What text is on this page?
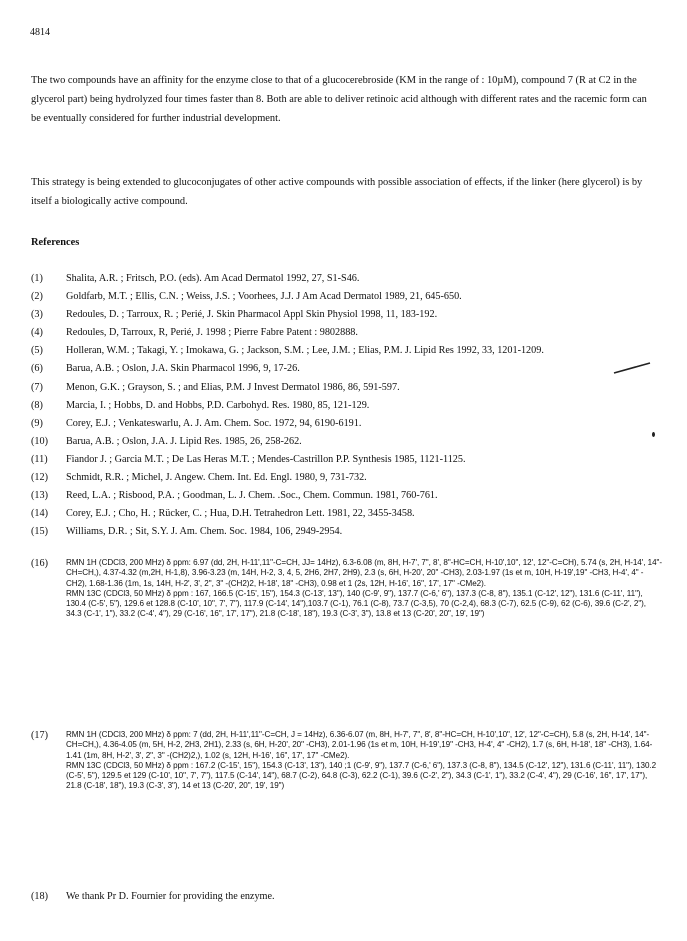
4814
The two compounds have an affinity for the enzyme close to that of a glucocerebroside (KM in the range of : 10µM), compound 7 (R at C2 in the glycerol part) being hydrolyzed four times faster than 8. Both are able to deliver retinoic acid although with different rates and the racemic form can be eventually considered for further industrial development.
This strategy is being extended to glucoconjugates of other active compounds with possible association of effects, if the linker (here glycerol) is by itself a biologically active compound.
References
(1)	Shalita, A.R. ; Fritsch, P.O. (eds). Am Acad Dermatol 1992, 27, S1-S46.
(2)	Goldfarb, M.T. ; Ellis, C.N. ; Weiss, J.S. ; Voorhees, J.J. J Am Acad Dermatol 1989, 21, 645-650.
(3)	Redoules, D. ; Tarroux, R. ; Perié, J. Skin Pharmacol Appl Skin Physiol 1998, 11, 183-192.
(4)	Redoules, D, Tarroux, R, Perié, J. 1998 ; Pierre Fabre Patent : 9802888.
(5)	Holleran, W.M. ; Takagi, Y. ; Imokawa, G. ; Jackson, S.M. ; Lee, J.M. ; Elias, P.M. J. Lipid Res 1992, 33, 1201-1209.
(6)	Barua, A.B. ; Oslon, J.A. Skin Pharmacol 1996, 9, 17-26.
(7)	Menon, G.K. ; Grayson, S. ; and Elias, P.M. J Invest Dermatol 1986, 86, 591-597.
(8)	Marcia, I. ; Hobbs, D. and Hobbs, P.D. Carbohyd. Res. 1980, 85, 121-129.
(9)	Corey, E.J. ; Venkateswarlu, A. J. Am. Chem. Soc. 1972, 94, 6190-6191.
(10)	Barua, A.B. ; Oslon, J.A. J. Lipid Res. 1985, 26, 258-262.
(11)	Fiandor J. ; Garcia M.T. ; De Las Heras M.T. ; Mendes-Castrillon P.P. Synthesis 1985, 1121-1125.
(12)	Schmidt, R.R. ; Michel, J. Angew. Chem. Int. Ed. Engl. 1980, 9, 731-732.
(13)	Reed, L.A. ; Risbood, P.A. ; Goodman, L. J. Chem. .Soc., Chem. Commun. 1981, 760-761.
(14)	Corey, E.J. ; Cho, H. ; Rücker, C. ; Hua, D.H. Tetrahedron Lett. 1981, 22, 3455-3458.
(15)	Williams, D.R. ; Sit, S.Y. J. Am. Chem. Soc. 1984, 106, 2949-2954.
(16)	RMN 1H (CDCl3, 200 MHz) δ ppm: 6.97 (dd, 2H, H-11',11"-C=CH, JJ= 14Hz), 6.3-6.08 (m, 8H, H-7', 7", 8', 8"-HC=CH, H-10',10", 12', 12"-C=CH), 5.74 (s, 2H, H-14', 14"-CH=CH,), 4.37-4.32 (m,2H, H-1,8), 3.96-3.23 (m, 14H, H-2, 3, 4, 5, 2H6, 2H7, 2H9), 2.3 (s, 6H, H-20', 20" -CH3), 2.03-1.97 (1s et m, 10H, H-19',19" -CH3, H-4', 4" -CH2), 1.68-1.36 (1m, 1s, 14H, H-2', 3', 2", 3" -(CH2)2, H-18', 18" -CH3), 0.98 et 1 (2s, 12H, H-16', 16", 17', 17" -CMe2).

RMN 13C (CDCl3, 50 MHz) δ ppm : 167, 166.5 (C-15', 15"), 154.3 (C-13', 13"), 140 (C-9', 9"), 137.7 (C-6,' 6"), 137.3 (C-8, 8"), 135.1 (C-12', 12"), 131.6 (C-11', 11"), 130.4 (C-5', 5"), 129.6 et 128.8 (C-10', 10", 7', 7"), 117.9 (C-14', 14"),103.7 (C-1), 76.1 (C-8), 73.7 (C-3,5), 70 (C-2,4), 68.3 (C-7), 62.5 (C-9), 62 (C-6), 39.6 (C-2', 2"), 34.3 (C-1', 1"), 33.2 (C-4', 4"), 29 (C-16', 16", 17', 17"), 21.8 (C-18', 18"), 19.3 (C-3', 3"), 13.8 et 13 (C-20', 20", 19', 19")

(17)	RMN 1H (CDCl3, 200 MHz) δ ppm: 7 (dd, 2H, H-11',11"-C=CH, J = 14Hz), 6.36-6.07 (m, 8H, H-7', 7", 8', 8"-HC=CH, H-10',10", 12', 12"-C=CH), 5.8 (s, 2H, H-14', 14"-CH=CH,), 4.36-4.05 (m, 5H, H-2, 2H3, 2H1), 2.33 (s, 6H, H-20', 20" -CH3), 2.01-1.96 (1s et m, 10H, H-19',19" -CH3, H-4', 4" -CH2), 1.7 (s, 6H, H-18', 18" -CH3), 1.64-1.41 (1m, 8H, H-2', 3', 2", 3" -(CH2)2,), 1.02 (s, 12H, H-16', 16", 17', 17" -CMe2).

RMN 13C (CDCl3, 50 MHz) δ ppm : 167.2 (C-15', 15"), 154.3 (C-13', 13"), 140 ;1 (C-9', 9"), 137.7 (C-6,' 6"), 137.3 (C-8, 8"), 134.5 (C-12', 12"), 131.6 (C-11', 11"), 130.2 (C-5', 5"), 129.5 et 129 (C-10', 10", 7', 7"), 117.5 (C-14', 14"), 68.7 (C-2), 64.8 (C-3), 62.2 (C-1), 39.6 (C-2', 2"), 34.3 (C-1', 1"), 33.2 (C-4', 4"), 29 (C-16', 16", 17', 17"), 21.8 (C-18', 18"), 19.3 (C-3', 3"), 14 et 13 (C-20', 20", 19', 19")

(18)	We thank Pr D. Fournier for providing the enzyme.
